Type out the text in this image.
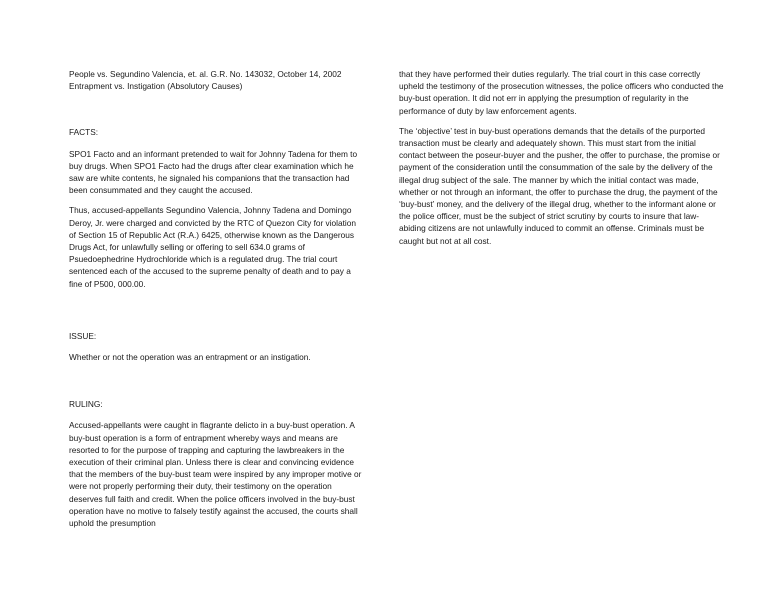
People vs. Segundino Valencia, et. al. G.R. No. 143032, October 14, 2002
Entrapment vs. Instigation (Absolutory Causes)

FACTS:

SPO1 Facto and an informant pretended to wait for Johnny Tadena for them to buy drugs. When SPO1 Facto had the drugs after clear examination which he saw are white contents, he signaled his companions that the transaction had been consummated and they caught the accused.

Thus, accused-appellants Segundino Valencia, Johnny Tadena and Domingo Deroy, Jr. were charged and convicted by the RTC of Quezon City for violation of Section 15 of Republic Act (R.A.) 6425, otherwise known as the Dangerous Drugs Act, for unlawfully selling or offering to sell 634.0 grams of Psuedoephedrine Hydrochloride which is a regulated drug. The trial court sentenced each of the accused to the supreme penalty of death and to pay a fine of P500, 000.00.

ISSUE:

Whether or not the operation was an entrapment or an instigation.

RULING:

Accused-appellants were caught in flagrante delicto in a buy-bust operation. A buy-bust operation is a form of entrapment whereby ways and means are resorted to for the purpose of trapping and capturing the lawbreakers in the execution of their criminal plan. Unless there is clear and convincing evidence that the members of the buy-bust team were inspired by any improper motive or were not properly performing their duty, their testimony on the operation deserves full faith and credit. When the police officers involved in the buy-bust operation have no motive to falsely testify against the accused, the courts shall uphold the presumption

that they have performed their duties regularly. The trial court in this case correctly upheld the testimony of the prosecution witnesses, the police officers who conducted the buy-bust operation. It did not err in applying the presumption of regularity in the performance of duty by law enforcement agents.

The ‘objective’ test in buy-bust operations demands that the details of the purported transaction must be clearly and adequately shown. This must start from the initial contact between the poseur-buyer and the pusher, the offer to purchase, the promise or payment of the consideration until the consummation of the sale by the delivery of the illegal drug subject of the sale. The manner by which the initial contact was made, whether or not through an informant, the offer to purchase the drug, the payment of the ‘buy-bust’ money, and the delivery of the illegal drug, whether to the informant alone or the police officer, must be the subject of strict scrutiny by courts to insure that law-abiding citizens are not unlawfully induced to commit an offense. Criminals must be caught but not at all cost.
